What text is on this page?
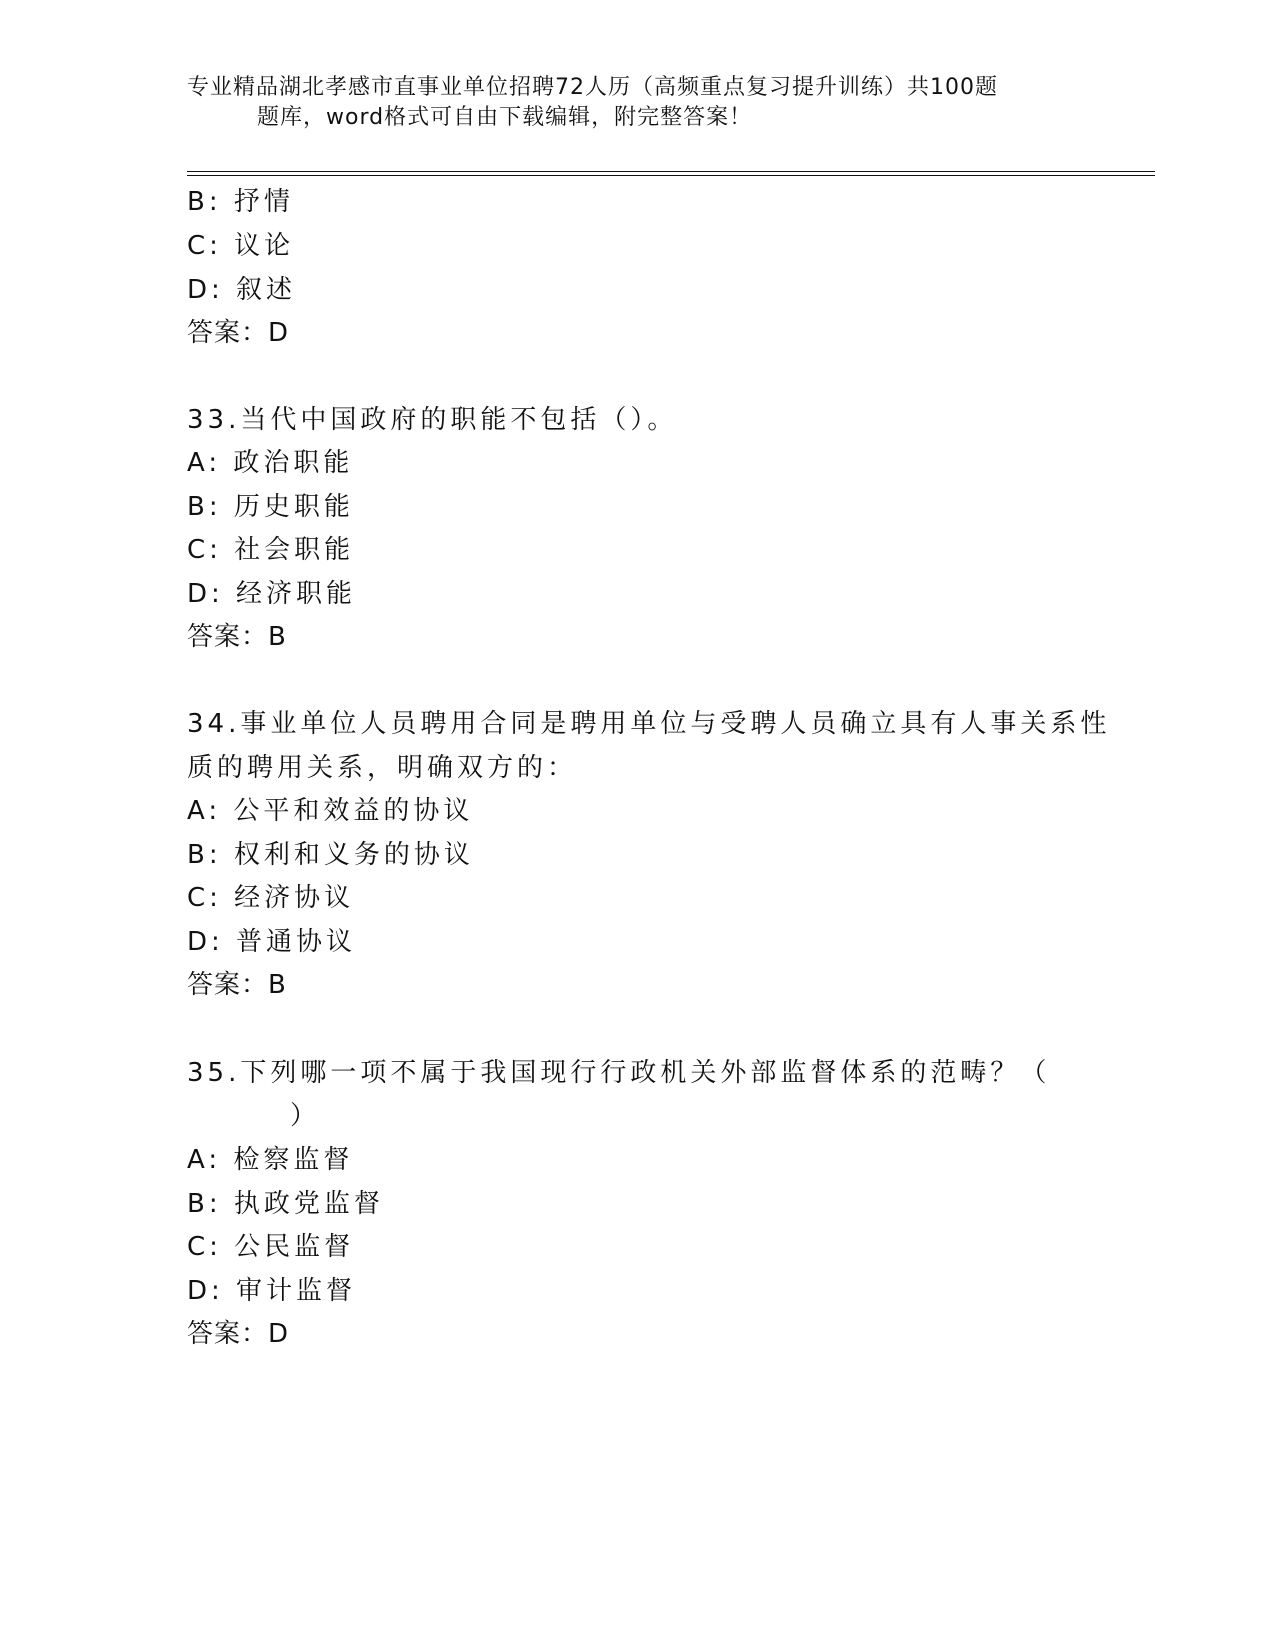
专业精品湖北孝感市直事业单位招聘72人历（高频重点复习提升训练）共100题
题库，word格式可自由下载编辑，附完整答案！
B: 抒情
C: 议论
D: 叙述
答案：D
33.当代中国政府的职能不包括（）。
A: 政治职能
B: 历史职能
C: 社会职能
D: 经济职能
答案：B
34.事业单位人员聘用合同是聘用单位与受聘人员确立具有人事关系性
质的聘用关系，明确双方的：
A: 公平和效益的协议
B: 权利和义务的协议
C: 经济协议
D: 普通协议
答案：B
35.下列哪一项不属于我国现行行政机关外部监督体系的范畴？（
）
A: 检察监督
B: 执政党监督
C: 公民监督
D: 审计监督
答案：D
